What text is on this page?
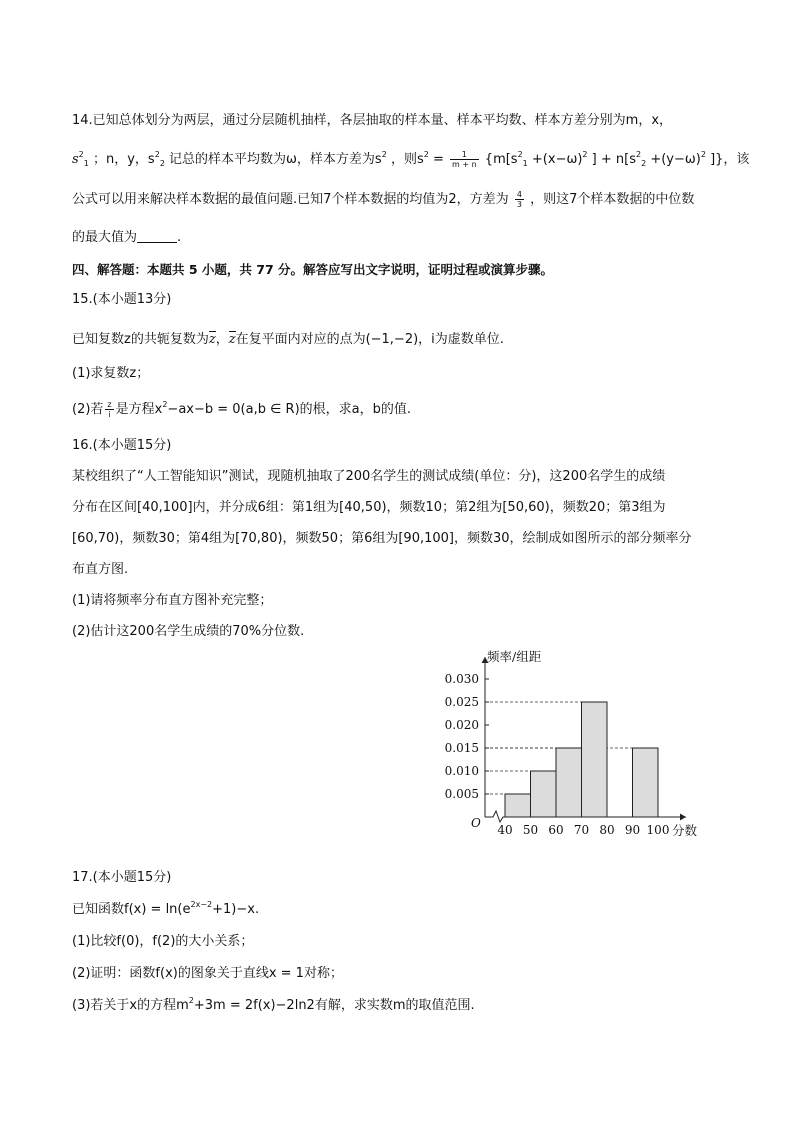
14.已知总体划分为两层，通过分层随机抽样，各层抽取的样本量、样本平均数、样本方差分别为m，x，
$s^2_1$ ；n，y，$s^2_2$ 记总的样本平均数为ω，样本方差为$s^2$ ，则$s^2 = \frac{1}{m + n} \{m[s^2_1 +(x-\omega)^2$ ] + $n[s^2_2 +(y-\omega)^2$ ]}，该
公式可以用来解决样本数据的最值问题.已知7个样本数据的均值为2，方差为 $\frac{4}{3}$ ，则这7个样本数据的中位数
的最大值为	.
四、解答题：本题共 5 小题，共 77 分。解答应写出文字说明，证明过程或演算步骤。
15.(本小题13分)
已知复数z的共轭复数为z，z在复平面内对应的点为(−1,−2)，i为虚数单位.
(1)求复数z；
(2)若 $\frac{z}{i}$ 是方程$x^2-ax-b = 0(a,b$ ∈ R)的根，求a，b的值.
16.(本小题15分)
某校组织了“人工智能知识”测试，现随机抽取了200名学生的测试成绩(单位：分)，这200名学生的成绩
分布在区间[40,100]内，并分成6组：第1组为[40,50)，频数10；第2组为[50,60)，频数20；第3组为
[60,70)，频数30；第4组为[70,80)，频数50；第6组为[90,100]，频数30，绘制成如图所示的部分频率分
布直方图.
(1)请将频率分布直方图补充完整；
(2)估计这200名学生成绩的70%分位数.
0.005
0.010
0.015
0.020
0.025
0.030
40 50 60 70 80 90 100
O
频率/组距
分数
17.(本小题15分)
已知函数$f(x) = \ln(e^{2x-2}+1)-x$.
(1)比较f(0)，f(2)的大小关系；
(2)证明：函数f(x)的图象关于直线x = 1对称；
(3)若关于x的方程$m^2+3m = 2f(x)-2\ln 2$有解，求实数m的取值范围.
